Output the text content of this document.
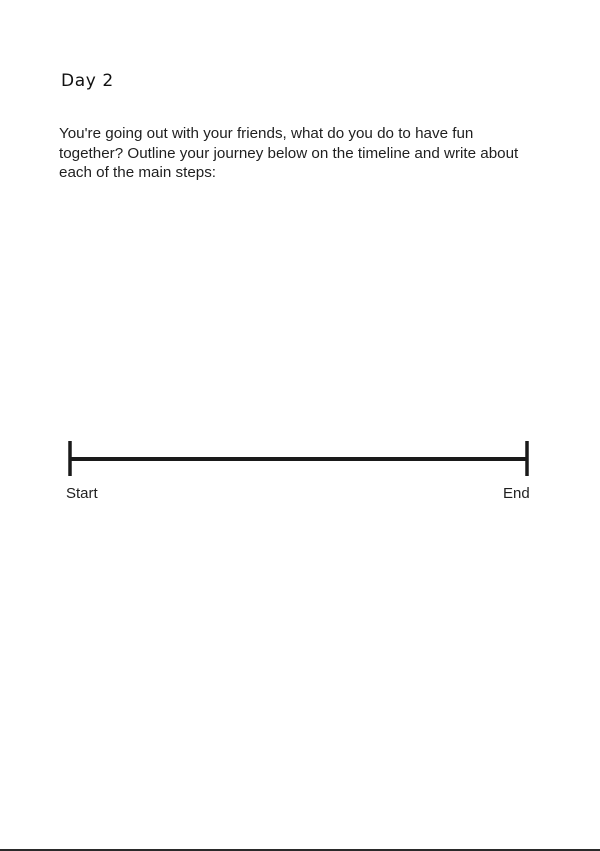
Day 2

You're going out with your friends, what do you do to have fun together? Outline your journey below on the timeline and write about each of the main steps:

Start	End
